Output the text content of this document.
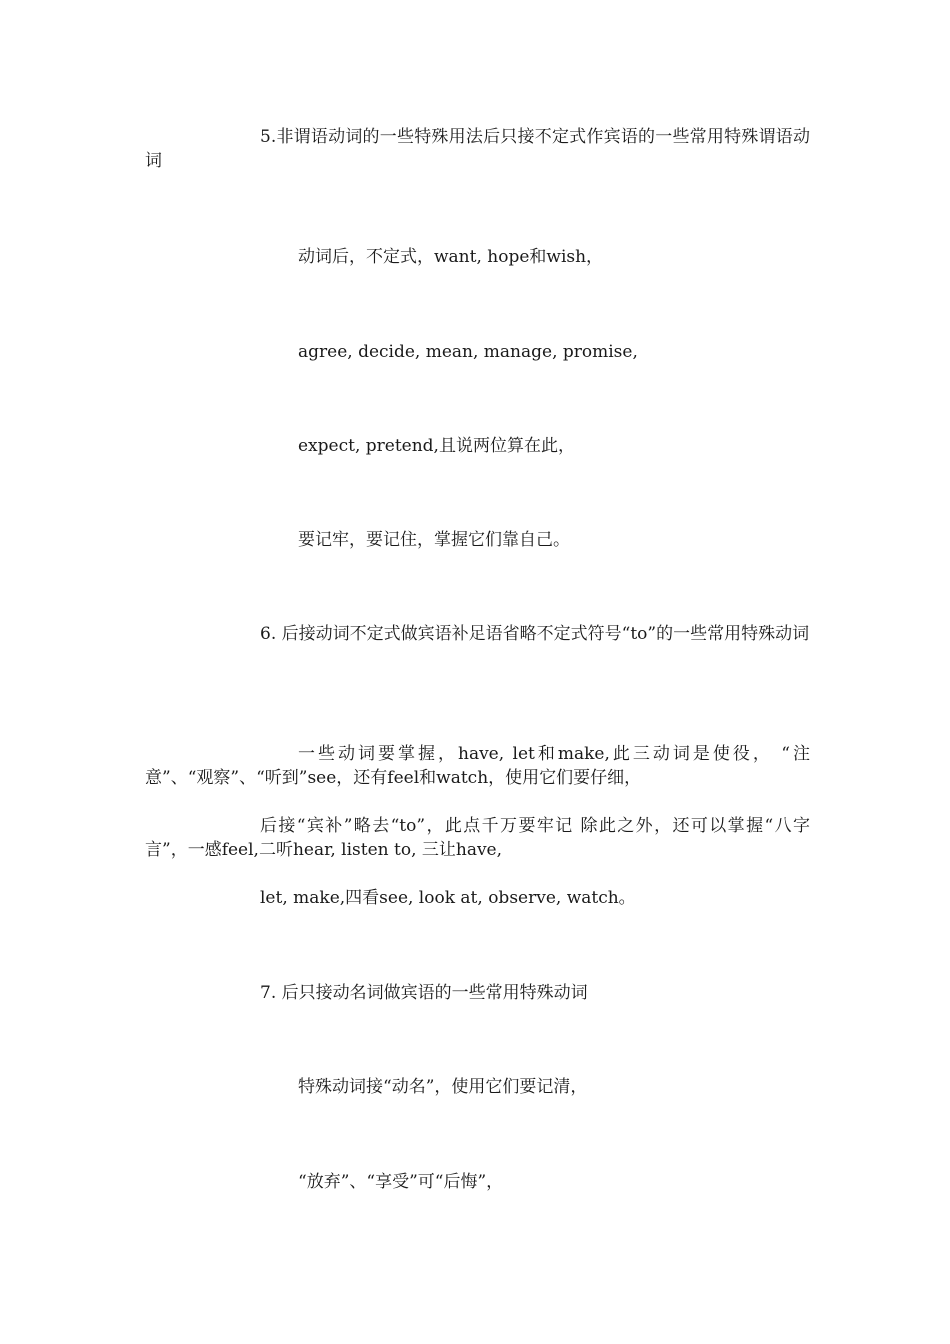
5.非谓语动词的一些特殊用法后只接不定式作宾语的一些常用特殊谓语动词
动词后，不定式，want, hope和wish，
agree, decide, mean, manage, promise,
expect, pretend,且说两位算在此，
要记牢，要记住，掌握它们靠自己。
6. 后接动词不定式做宾语补足语省略不定式符号“to”的一些常用特殊动词
一些动词要掌握，have, let和make,此三动词是使役， “注意”、“观察”、“听到”see，还有feel和watch，使用它们要仔细，
后接“宾补”略去“to”，此点千万要牢记 除此之外，还可以掌握“八字言”，一感feel,二听hear, listen to, 三让have,
let, make,四看see, look at, observe, watch。
7. 后只接动名词做宾语的一些常用特殊动词
特殊动词接“动名”，使用它们要记清，
“放弃”、“享受”可“后悔”，
